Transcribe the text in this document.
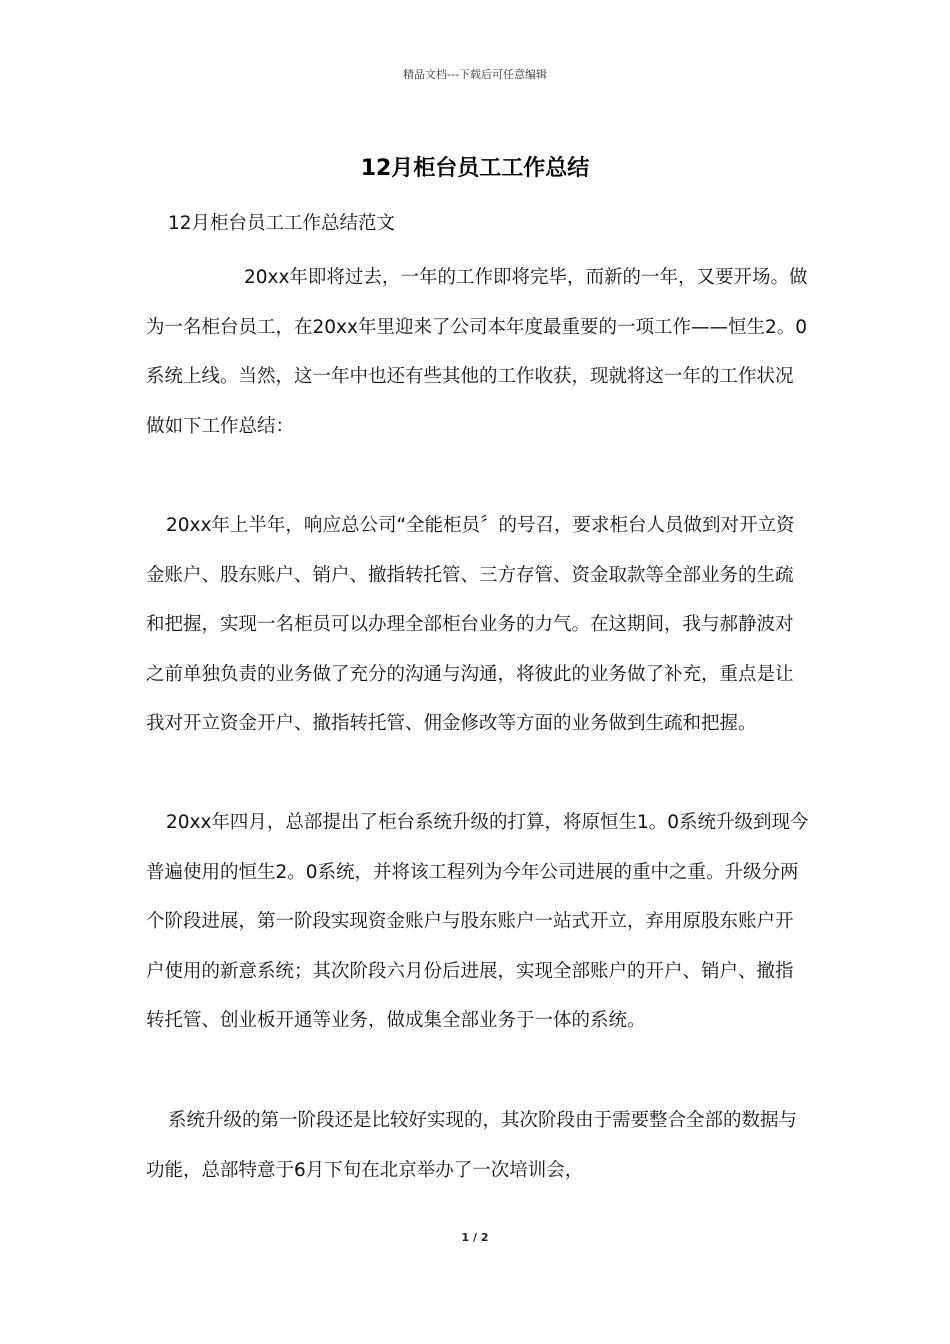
精品文档---下载后可任意编辑
12月柜台员工工作总结
12月柜台员工工作总结范文
20xx年即将过去，一年的工作即将完毕，而新的一年，又要开场。做为一名柜台员工，在20xx年里迎来了公司本年度最重要的一项工作——恒生2。0系统上线。当然，这一年中也还有些其他的工作收获，现就将这一年的工作状况做如下工作总结：
20xx年上半年，响应总公司“全能柜员〞的号召，要求柜台人员做到对开立资金账户、股东账户、销户、撤指转托管、三方存管、资金取款等全部业务的生疏和把握，实现一名柜员可以办理全部柜台业务的力气。在这期间，我与郝静波对之前单独负责的业务做了充分的沟通与沟通，将彼此的业务做了补充，重点是让我对开立资金开户、撤指转托管、佣金修改等方面的业务做到生疏和把握。
20xx年四月，总部提出了柜台系统升级的打算，将原恒生1。0系统升级到现今普遍使用的恒生2。0系统，并将该工程列为今年公司进展的重中之重。升级分两个阶段进展，第一阶段实现资金账户与股东账户一站式开立，弃用原股东账户开户使用的新意系统；其次阶段六月份后进展，实现全部账户的开户、销户、撤指转托管、创业板开通等业务，做成集全部业务于一体的系统。
系统升级的第一阶段还是比较好实现的，其次阶段由于需要整合全部的数据与功能，总部特意于6月下旬在北京举办了一次培训会，
1 / 2
